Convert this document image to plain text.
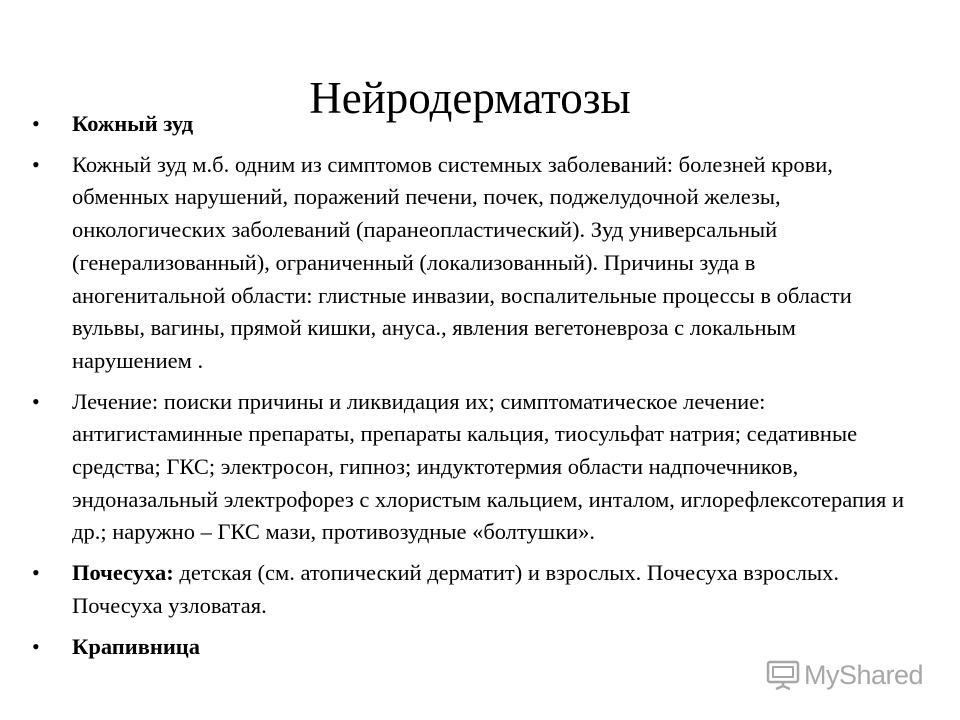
Нейродерматозы
• Кожный зуд
• Кожный зуд м.б. одним из симптомов системных заболеваний: болезней крови, обменных нарушений, поражений печени, почек, поджелудочной железы, онкологических заболеваний (паранеопластический). Зуд универсальный (генерализованный), ограниченный (локализованный). Причины зуда в аногенитальной области: глистные инвазии, воспалительные процессы в области вульвы, вагины, прямой кишки, ануса., явления вегетоневроза с локальным нарушением .
• Лечение: поиски причины и ликвидация их; симптоматическое лечение: антигистаминные препараты, препараты кальция, тиосульфат натрия; седативные средства; ГКС; электросон, гипноз; индуктотермия области надпочечников, эндоназальный электрофорез с хлористым кальцием, инталом, иглорефлексотерапия и др.; наружно – ГКС мази, противозудные «болтушки».
• Почесуха: детская (см. атопический дерматит) и взрослых. Почесуха взрослых. Почесуха узловатая.
• Крапивница
MyShared
